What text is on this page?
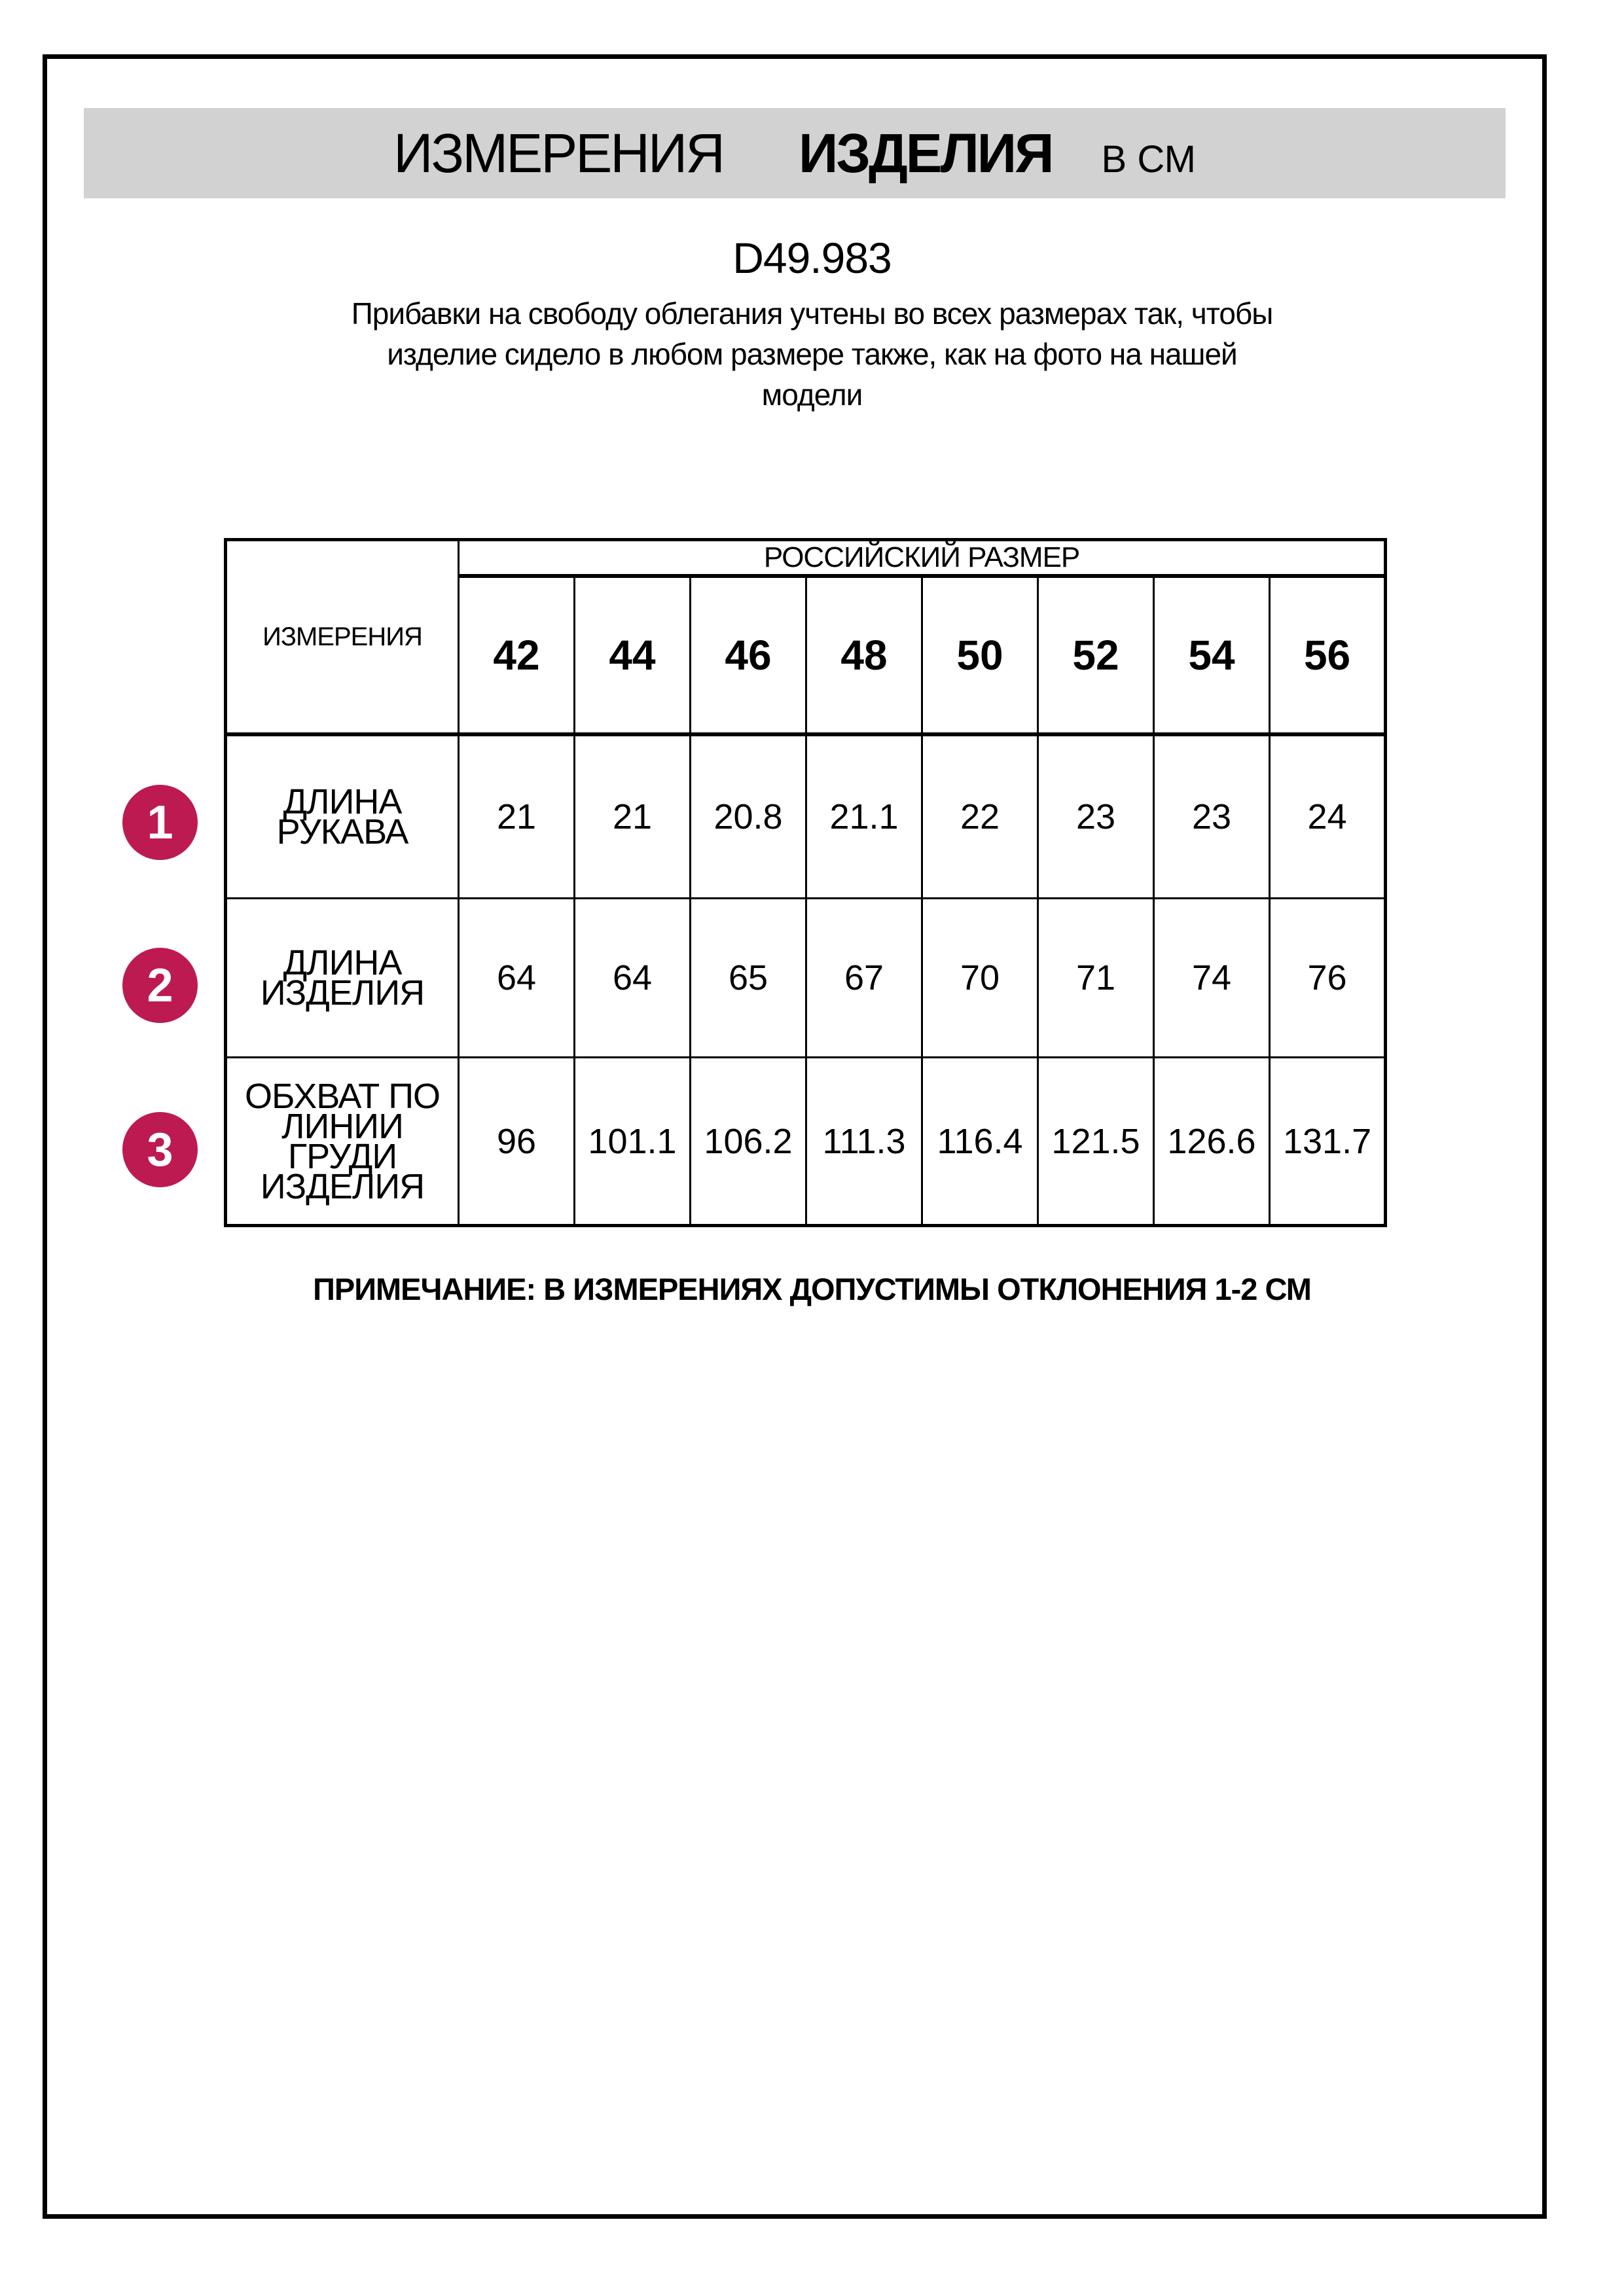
ИЗМЕРЕНИЯ ИЗДЕЛИЯ В СМ
D49.983
Прибавки на свободу облегания учтены во всех размерах так, чтобы
изделие сидело в любом размере также, как на фото на нашей
модели
ИЗМЕРЕНИЯ	РОССИЙСКИЙ РАЗМЕР							
	42	44	46	48	50	52	54	56

ДЛИНА РУКАВА	21	21	20.8	21.1	22	23	23	24

ДЛИНА
ИЗДЕЛИЯ	64	64	65	67	70	71	74	76

ОБХВАТ ПО
ЛИНИИ ГРУДИ
ИЗДЕЛИЯ	96	101.1	106.2	111.3	116.4	121.5	126.6	131.7
1
2
3
ПРИМЕЧАНИЕ: В ИЗМЕРЕНИЯХ ДОПУСТИМЫ ОТКЛОНЕНИЯ 1-2 СМ
